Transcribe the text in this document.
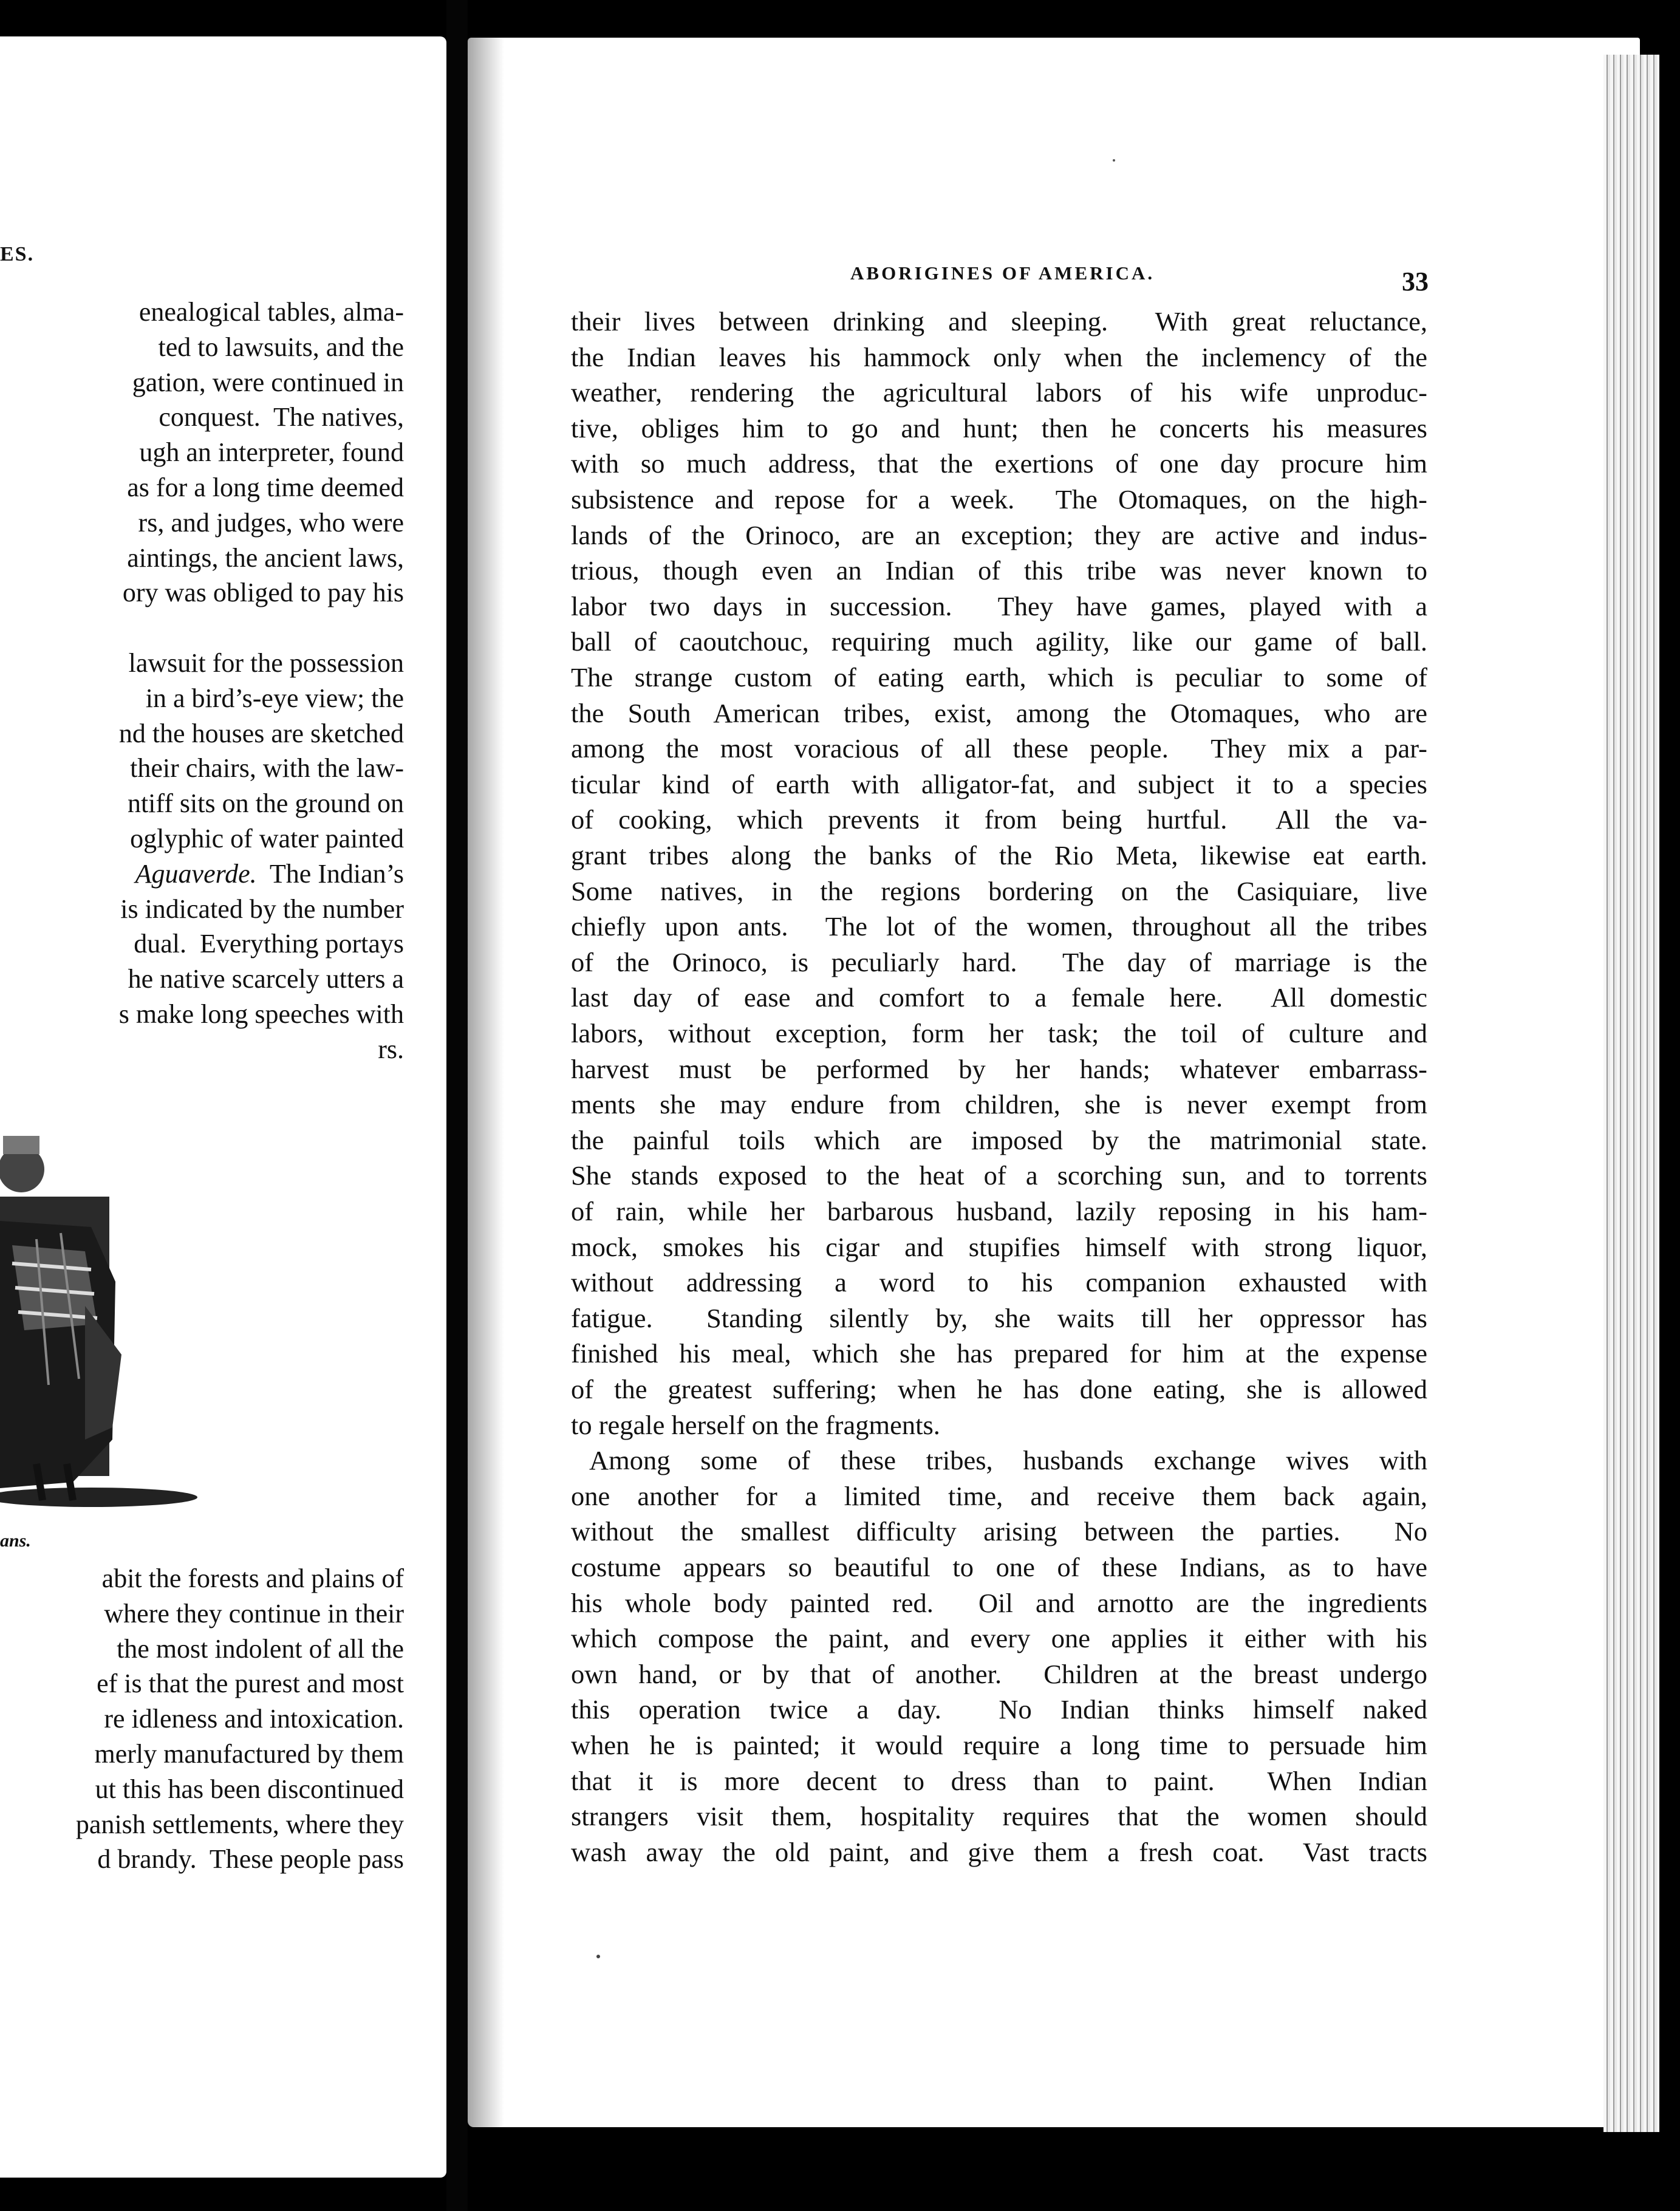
ES.
enealogical tables, alma-
ted to lawsuits, and the
gation, were continued in
conquest.  The natives,
ugh an interpreter, found
as for a long time deemed
rs, and judges, who were
aintings, the ancient laws,
ory was obliged to pay his
lawsuit for the possession
in a bird’s-eye view; the
nd the houses are sketched
their chairs, with the law-
ntiff sits on the ground on
oglyphic of water painted
Aguaverde.  The Indian’s
is indicated by the number
dual.  Everything portays
he native scarcely utters a
s make long speeches with
rs.
ans.
abit the forests and plains of
where they continue in their
the most indolent of all the
ef is that the purest and most
re idleness and intoxication.
merly manufactured by them
ut this has been discontinued
panish settlements, where they
d brandy.  These people pass
ABORIGINES OF AMERICA.	33
their lives between drinking and sleeping.  With great reluctance,
the Indian leaves his hammock only when the inclemency of the
weather, rendering the agricultural labors of his wife unproduc-
tive, obliges him to go and hunt; then he concerts his measures
with so much address, that the exertions of one day procure him
subsistence and repose for a week.  The Otomaques, on the high-
lands of the Orinoco, are an exception; they are active and indus-
trious, though even an Indian of this tribe was never known to
labor two days in succession.  They have games, played with a
ball of caoutchouc, requiring much agility, like our game of ball.
The strange custom of eating earth, which is peculiar to some of
the South American tribes, exist, among the Otomaques, who are
among the most voracious of all these people.  They mix a par-
ticular kind of earth with alligator-fat, and subject it to a species
of cooking, which prevents it from being hurtful.  All the va-
grant tribes along the banks of the Rio Meta, likewise eat earth.
Some natives, in the regions bordering on the Casiquiare, live
chiefly upon ants.  The lot of the women, throughout all the tribes
of the Orinoco, is peculiarly hard.  The day of marriage is the
last day of ease and comfort to a female here.  All domestic
labors, without exception, form her task; the toil of culture and
harvest must be performed by her hands; whatever embarrass-
ments she may endure from children, she is never exempt from
the painful toils which are imposed by the matrimonial state.
She stands exposed to the heat of a scorching sun, and to torrents
of rain, while her barbarous husband, lazily reposing in his ham-
mock, smokes his cigar and stupifies himself with strong liquor,
without addressing a word to his companion exhausted with
fatigue.  Standing silently by, she waits till her oppressor has
finished his meal, which she has prepared for him at the expense
of the greatest suffering; when he has done eating, she is allowed
to regale herself on the fragments.
Among some of these tribes, husbands exchange wives with
one another for a limited time, and receive them back again,
without the smallest difficulty arising between the parties.  No
costume appears so beautiful to one of these Indians, as to have
his whole body painted red.  Oil and arnotto are the ingredients
which compose the paint, and every one applies it either with his
own hand, or by that of another.  Children at the breast undergo
this operation twice a day.  No Indian thinks himself naked
when he is painted; it would require a long time to persuade him
that it is more decent to dress than to paint.  When Indian
strangers visit them, hospitality requires that the women should
wash away the old paint, and give them a fresh coat.  Vast tracts
